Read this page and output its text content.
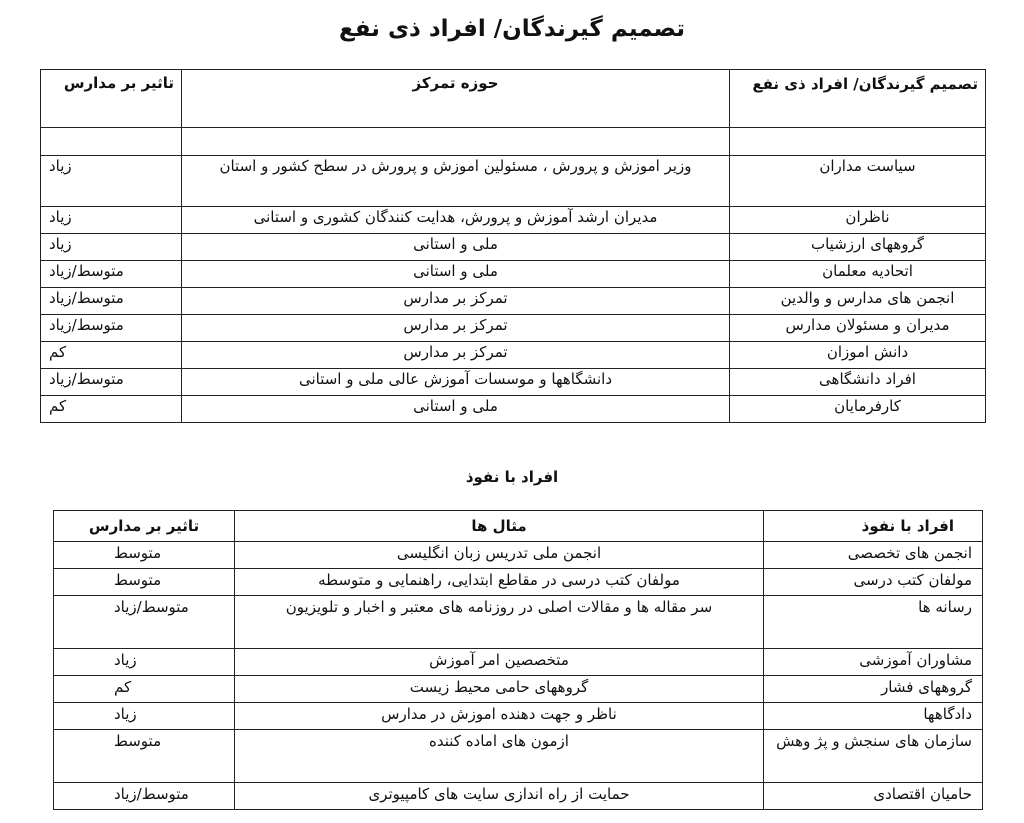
تصمیم گیرندگان/ افراد ذی نفع
تصمیم گیرندگان/ افراد ذی نفع	حوزه تمرکز	تاثیر بر مدارس

سیاست مداران	وزیر اموزش و پرورش ، مسئولین اموزش و پرورش در سطح کشور و استان	زیاد
ناظران	مدیران ارشد آموزش و پرورش، هدایت کنندگان کشوری و استانی	زیاد
گروههای ارزشیاب	ملی و استانی	زیاد
اتحادیه معلمان	ملی و استانی	متوسط/زیاد
انجمن های مدارس و والدین	تمرکز بر مدارس	متوسط/زیاد
مدیران و مسئولان مدارس	تمرکز بر مدارس	متوسط/زیاد
دانش اموزان	تمرکز بر مدارس	کم
افراد دانشگاهی	دانشگاهها و موسسات آموزش عالی ملی و استانی	متوسط/زیاد
کارفرمایان	ملی و استانی	کم
افراد با نفوذ
افراد با نفوذ	مثال ها	تاثیر بر مدارس
انجمن های تخصصی	انجمن ملی تدریس زبان انگلیسی	متوسط
مولفان کتب درسی	مولفان کتب درسی در مقاطع ابتدایی، راهنمایی و متوسطه	متوسط
رسانه ها	سر مقاله ها و مقالات اصلی در روزنامه های معتبر و اخبار و تلویزیون	متوسط/زیاد
مشاوران آموزشی	متخصصین امر آموزش	زیاد
گروههای فشار	گروههای حامی محیط زیست	کم
دادگاهها	ناظر و جهت دهنده اموزش در مدارس	زیاد
سازمان های سنجش و پژ وهش	ازمون های اماده کننده	متوسط
حامیان اقتصادی	حمایت از راه اندازی سایت های کامپیوتری	متوسط/زیاد
